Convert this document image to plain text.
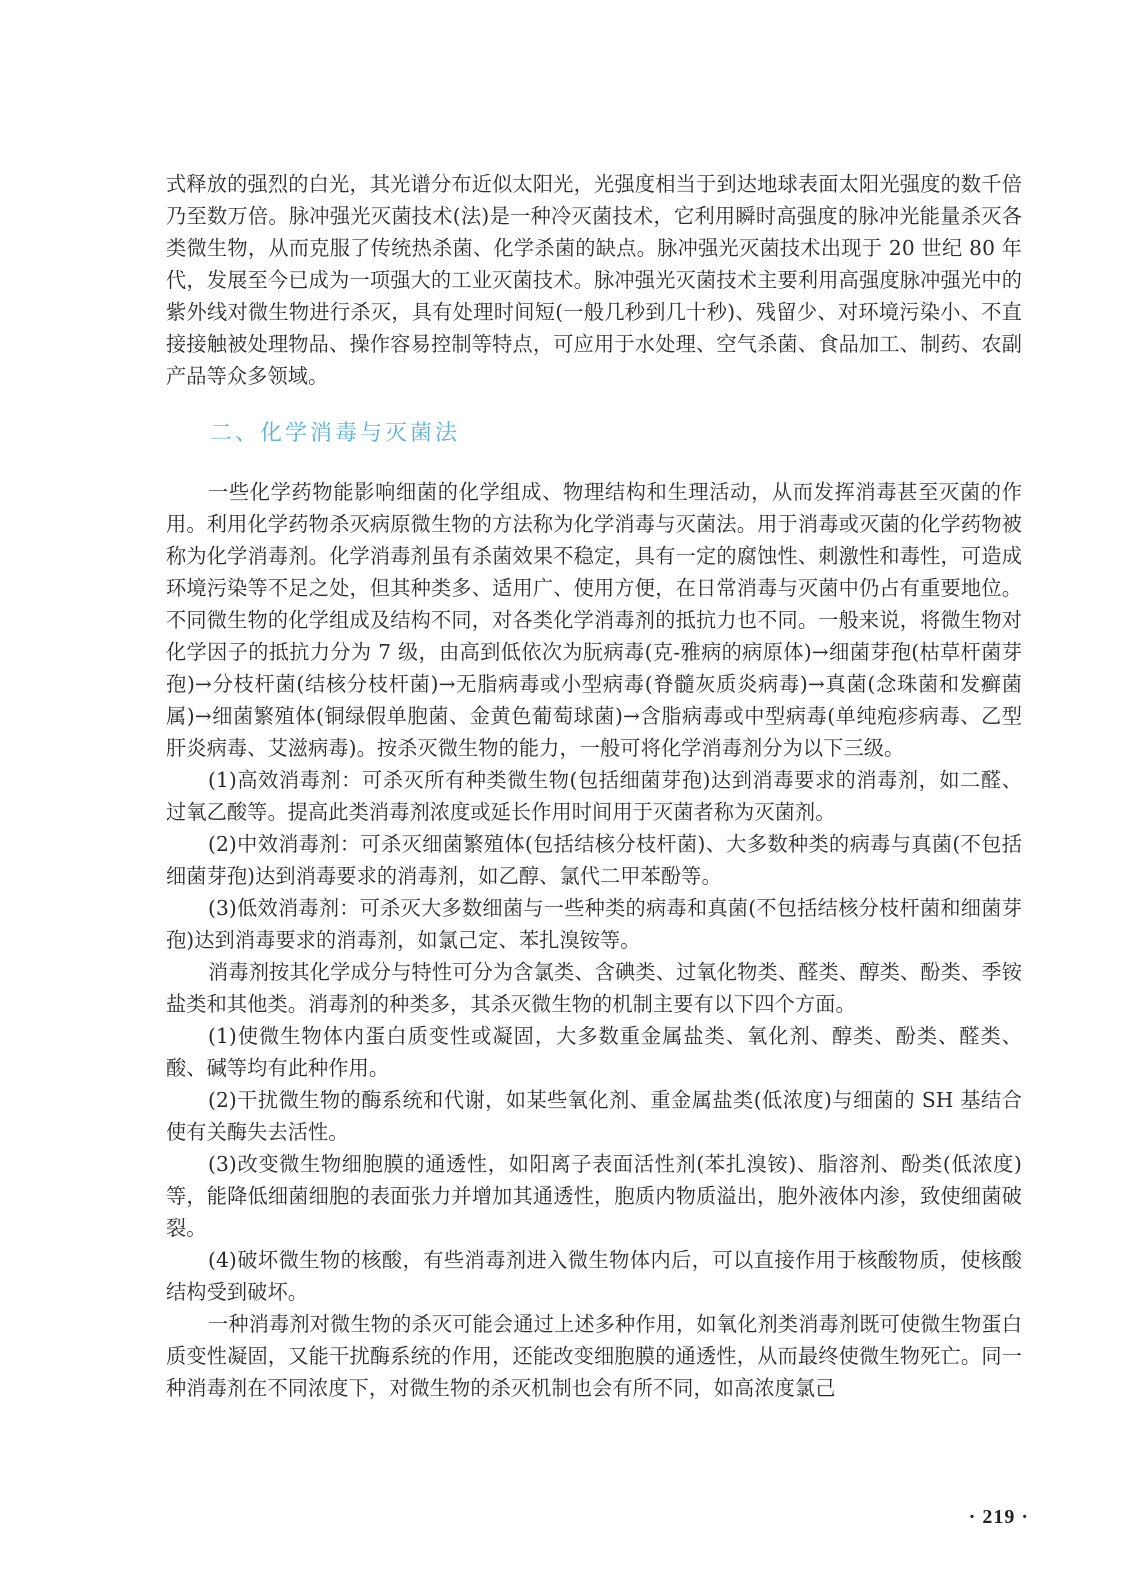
式释放的强烈的白光，其光谱分布近似太阳光，光强度相当于到达地球表面太阳光强度的数千倍乃至数万倍。脉冲强光灭菌技术(法)是一种冷灭菌技术，它利用瞬时高强度的脉冲光能量杀灭各类微生物，从而克服了传统热杀菌、化学杀菌的缺点。脉冲强光灭菌技术出现于 20 世纪 80 年代，发展至今已成为一项强大的工业灭菌技术。脉冲强光灭菌技术主要利用高强度脉冲强光中的紫外线对微生物进行杀灭，具有处理时间短(一般几秒到几十秒)、残留少、对环境污染小、不直接接触被处理物品、操作容易控制等特点，可应用于水处理、空气杀菌、食品加工、制药、农副产品等众多领域。

二、化学消毒与灭菌法

一些化学药物能影响细菌的化学组成、物理结构和生理活动，从而发挥消毒甚至灭菌的作用。利用化学药物杀灭病原微生物的方法称为化学消毒与灭菌法。用于消毒或灭菌的化学药物被称为化学消毒剂。化学消毒剂虽有杀菌效果不稳定，具有一定的腐蚀性、刺激性和毒性，可造成环境污染等不足之处，但其种类多、适用广、使用方便，在日常消毒与灭菌中仍占有重要地位。不同微生物的化学组成及结构不同，对各类化学消毒剂的抵抗力也不同。一般来说，将微生物对化学因子的抵抗力分为 7 级，由高到低依次为朊病毒(克-雅病的病原体)→细菌芽孢(枯草杆菌芽孢)→分枝杆菌(结核分枝杆菌)→无脂病毒或小型病毒(脊髓灰质炎病毒)→真菌(念珠菌和发癣菌属)→细菌繁殖体(铜绿假单胞菌、金黄色葡萄球菌)→含脂病毒或中型病毒(单纯疱疹病毒、乙型肝炎病毒、艾滋病毒)。按杀灭微生物的能力，一般可将化学消毒剂分为以下三级。

(1)高效消毒剂：可杀灭所有种类微生物(包括细菌芽孢)达到消毒要求的消毒剂，如二醛、过氧乙酸等。提高此类消毒剂浓度或延长作用时间用于灭菌者称为灭菌剂。

(2)中效消毒剂：可杀灭细菌繁殖体(包括结核分枝杆菌)、大多数种类的病毒与真菌(不包括细菌芽孢)达到消毒要求的消毒剂，如乙醇、氯代二甲苯酚等。

(3)低效消毒剂：可杀灭大多数细菌与一些种类的病毒和真菌(不包括结核分枝杆菌和细菌芽孢)达到消毒要求的消毒剂，如氯己定、苯扎溴铵等。

消毒剂按其化学成分与特性可分为含氯类、含碘类、过氧化物类、醛类、醇类、酚类、季铵盐类和其他类。消毒剂的种类多，其杀灭微生物的机制主要有以下四个方面。

(1)使微生物体内蛋白质变性或凝固，大多数重金属盐类、氧化剂、醇类、酚类、醛类、酸、碱等均有此种作用。

(2)干扰微生物的酶系统和代谢，如某些氧化剂、重金属盐类(低浓度)与细菌的 SH 基结合使有关酶失去活性。

(3)改变微生物细胞膜的通透性，如阳离子表面活性剂(苯扎溴铵)、脂溶剂、酚类(低浓度)等，能降低细菌细胞的表面张力并增加其通透性，胞质内物质溢出，胞外液体内渗，致使细菌破裂。

(4)破坏微生物的核酸，有些消毒剂进入微生物体内后，可以直接作用于核酸物质，使核酸结构受到破坏。

一种消毒剂对微生物的杀灭可能会通过上述多种作用，如氧化剂类消毒剂既可使微生物蛋白质变性凝固，又能干扰酶系统的作用，还能改变细胞膜的通透性，从而最终使微生物死亡。同一种消毒剂在不同浓度下，对微生物的杀灭机制也会有所不同，如高浓度氯己

· 219 ·
